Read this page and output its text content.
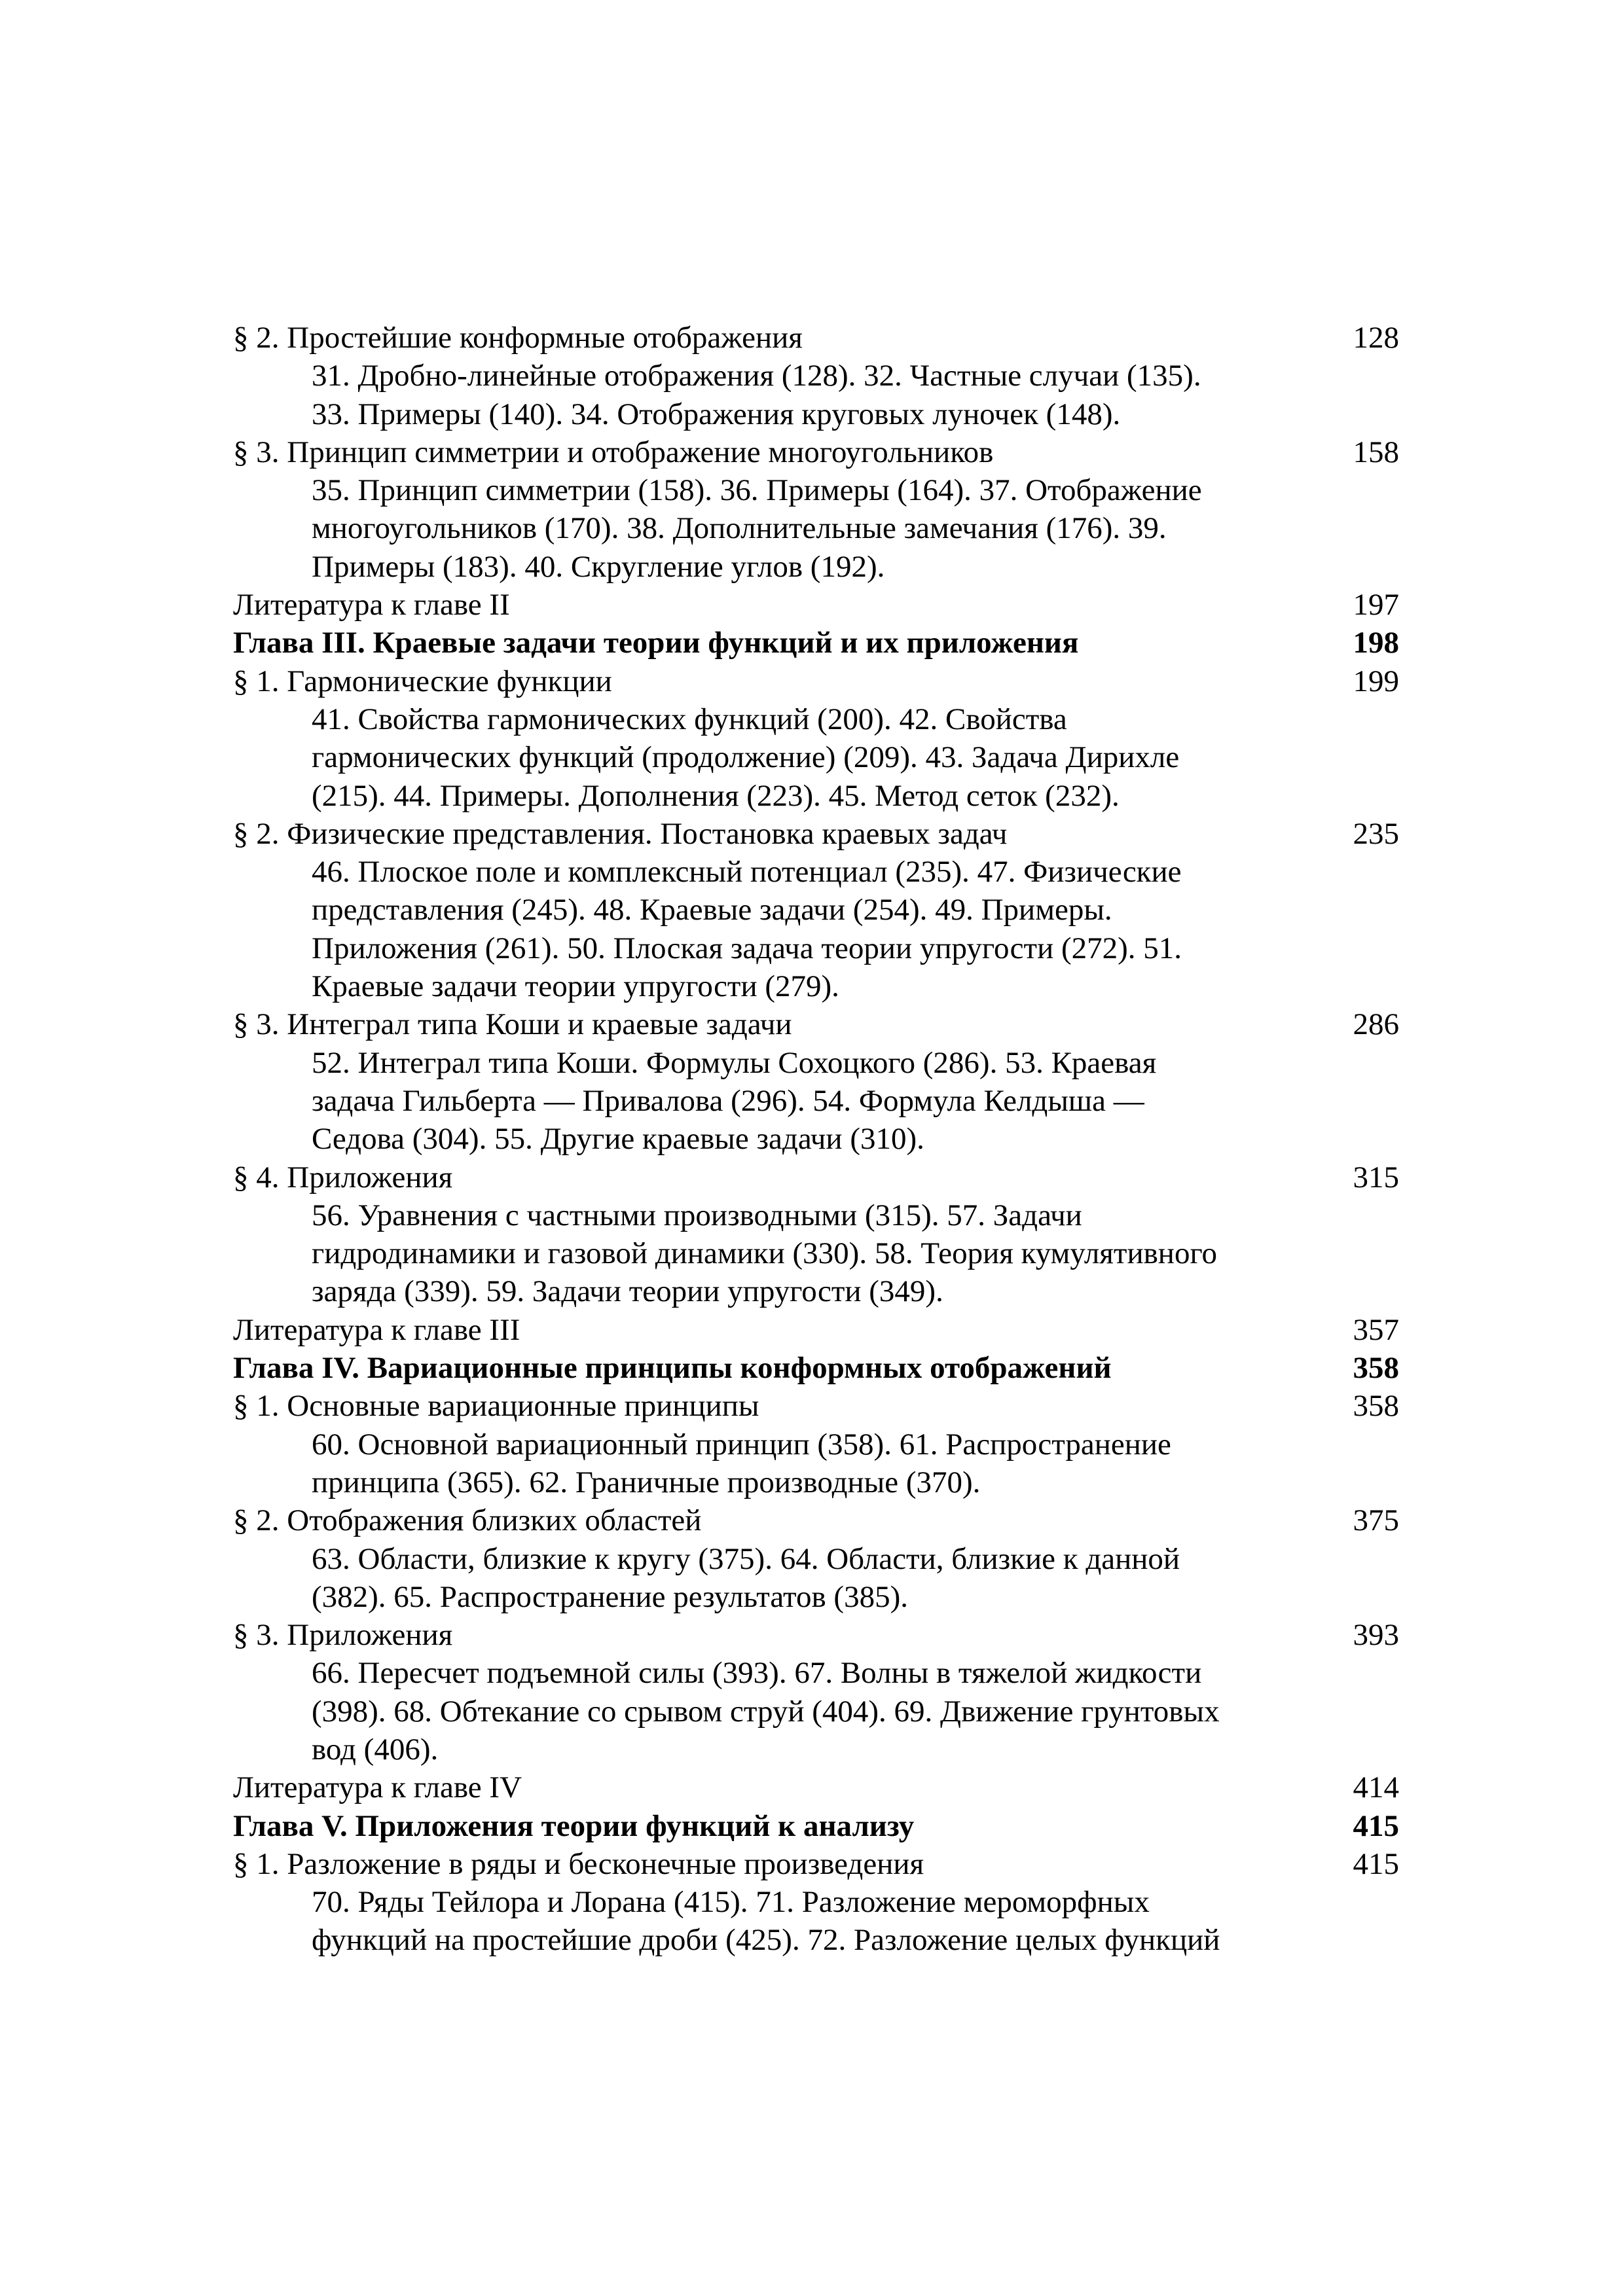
§ 2. Простейшие конформные отображения	128
31. Дробно-линейные отображения (128). 32. Частные случаи (135).
33. Примеры (140). 34. Отображения круговых луночек (148).
§ 3. Принцип симметрии и отображение многоугольников	158
35. Принцип симметрии (158). 36. Примеры (164). 37. Отображение
многоугольников (170). 38. Дополнительные замечания (176). 39.
Примеры (183). 40. Скругление углов (192).
Литература к главе II	197
Глава III. Краевые задачи теории функций и их приложения	198
§ 1. Гармонические функции	199
41. Свойства гармонических функций (200). 42. Свойства
гармонических функций (продолжение) (209). 43. Задача Дирихле
(215). 44. Примеры. Дополнения (223). 45. Метод сеток (232).
§ 2. Физические представления. Постановка краевых задач	235
46. Плоское поле и комплексный потенциал (235). 47. Физические
представления (245). 48. Краевые задачи (254). 49. Примеры.
Приложения (261). 50. Плоская задача теории упругости (272). 51.
Краевые задачи теории упругости (279).
§ 3. Интеграл типа Коши и краевые задачи	286
52. Интеграл типа Коши. Формулы Сохоцкого (286). 53. Краевая
задача Гильберта — Привалова (296). 54. Формула Келдыша —
Седова (304). 55. Другие краевые задачи (310).
§ 4. Приложения	315
56. Уравнения с частными производными (315). 57. Задачи
гидродинамики и газовой динамики (330). 58. Теория кумулятивного
заряда (339). 59. Задачи теории упругости (349).
Литература к главе III	357
Глава IV. Вариационные принципы конформных отображений	358
§ 1. Основные вариационные принципы	358
60. Основной вариационный принцип (358). 61. Распространение
принципа (365). 62. Граничные производные (370).
§ 2. Отображения близких областей	375
63. Области, близкие к кругу (375). 64. Области, близкие к данной
(382). 65. Распространение результатов (385).
§ 3. Приложения	393
66. Пересчет подъемной силы (393). 67. Волны в тяжелой жидкости
(398). 68. Обтекание со срывом струй (404). 69. Движение грунтовых
вод (406).
Литература к главе IV	414
Глава V. Приложения теории функций к анализу	415
§ 1. Разложение в ряды и бесконечные произведения	415
70. Ряды Тейлора и Лорана (415). 71. Разложение мероморфных
функций на простейшие дроби (425). 72. Разложение целых функций
